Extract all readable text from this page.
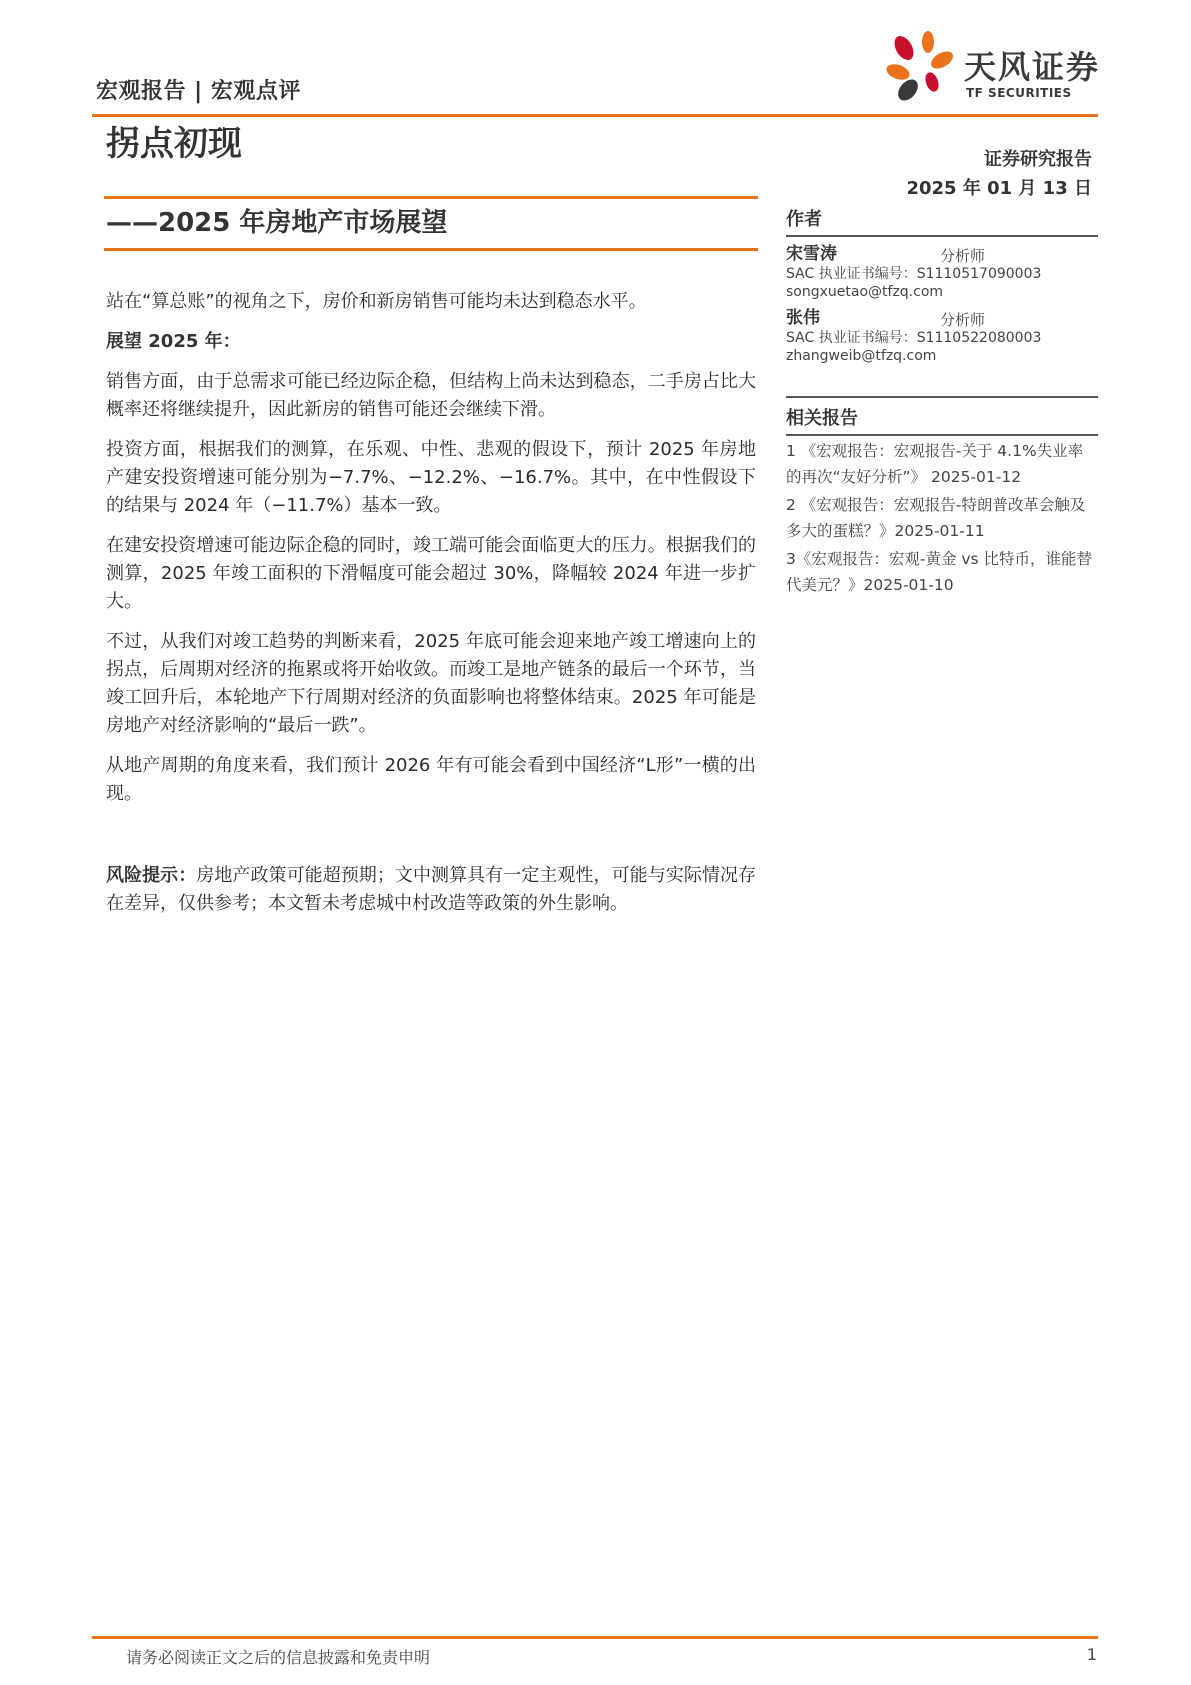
宏观报告 | 宏观点评
天风证券
TF SECURITIES
拐点初现	证券研究报告
2025 年 01 月 13 日
——2025 年房地产市场展望

站在“算总账”的视角之下，房价和新房销售可能均未达到稳态水平。

展望 2025 年：

销售方面，由于总需求可能已经边际企稳，但结构上尚未达到稳态，二手房占比大概率还将继续提升，因此新房的销售可能还会继续下滑。

投资方面，根据我们的测算，在乐观、中性、悲观的假设下，预计 2025 年房地产建安投资增速可能分别为−7.7%、−12.2%、−16.7%。其中，在中性假设下的结果与 2024 年（−11.7%）基本一致。

在建安投资增速可能边际企稳的同时，竣工端可能会面临更大的压力。根据我们的测算，2025 年竣工面积的下滑幅度可能会超过 30%，降幅较 2024 年进一步扩大。

不过，从我们对竣工趋势的判断来看，2025 年底可能会迎来地产竣工增速向上的拐点，后周期对经济的拖累或将开始收敛。而竣工是地产链条的最后一个环节，当竣工回升后，本轮地产下行周期对经济的负面影响也将整体结束。2025 年可能是房地产对经济影响的“最后一跌”。

从地产周期的角度来看，我们预计 2026 年有可能会看到中国经济“L形”一横的出现。

风险提示：房地产政策可能超预期；文中测算具有一定主观性，可能与实际情况存在差异，仅供参考；本文暂未考虑城中村改造等政策的外生影响。

作者
宋雪涛	分析师
SAC 执业证书编号：S1110517090003
songxuetao@tfzq.com
张伟	分析师
SAC 执业证书编号：S1110522080003
zhangweib@tfzq.com
相关报告
1 《宏观报告：宏观报告-关于 4.1%失业率的再次“友好分析”》 2025-01-12
2 《宏观报告：宏观报告-特朗普改革会触及多大的蛋糕？》2025-01-11
3《宏观报告：宏观-黄金 vs 比特币，谁能替代美元？》2025-01-10
请务必阅读正文之后的信息披露和免责申明	1
